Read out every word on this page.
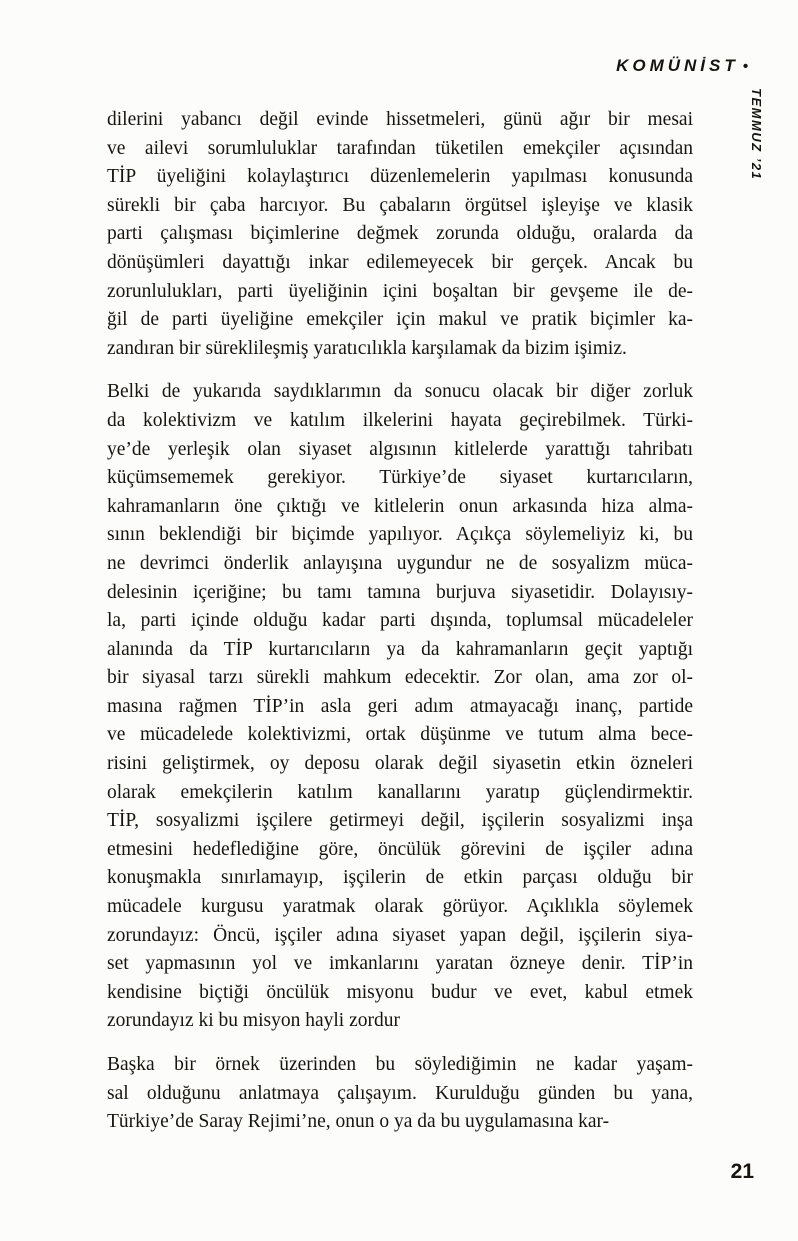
KOMÜNİST •
TEMMUZ ’21
dilerini yabancı değil evinde hissetmeleri, günü ağır bir mesai
ve ailevi sorumluluklar tarafından tüketilen emekçiler açısından
TİP üyeliğini kolaylaştırıcı düzenlemelerin yapılması konusunda
sürekli bir çaba harcıyor. Bu çabaların örgütsel işleyişe ve klasik
parti çalışması biçimlerine değmek zorunda olduğu, oralarda da
dönüşümleri dayattığı inkar edilemeyecek bir gerçek. Ancak bu
zorunlulukları, parti üyeliğinin içini boşaltan bir gevşeme ile de-
ğil de parti üyeliğine emekçiler için makul ve pratik biçimler ka-
zandıran bir süreklileşmiş yaratıcılıkla karşılamak da bizim işimiz.
Belki de yukarıda saydıklarımın da sonucu olacak bir diğer zorluk
da kolektivizm ve katılım ilkelerini hayata geçirebilmek. Türki-
ye’de yerleşik olan siyaset algısının kitlelerde yarattığı tahribatı
küçümsememek gerekiyor. Türkiye’de siyaset kurtarıcıların,
kahramanların öne çıktığı ve kitlelerin onun arkasında hiza alma-
sının beklendiği bir biçimde yapılıyor. Açıkça söylemeliyiz ki, bu
ne devrimci önderlik anlayışına uygundur ne de sosyalizm müca-
delesinin içeriğine; bu tamı tamına burjuva siyasetidir. Dolayısıy-
la, parti içinde olduğu kadar parti dışında, toplumsal mücadeleler
alanında da TİP kurtarıcıların ya da kahramanların geçit yaptığı
bir siyasal tarzı sürekli mahkum edecektir. Zor olan, ama zor ol-
masına rağmen TİP’in asla geri adım atmayacağı inanç, partide
ve mücadelede kolektivizmi, ortak düşünme ve tutum alma bece-
risini geliştirmek, oy deposu olarak değil siyasetin etkin özneleri
olarak emekçilerin katılım kanallarını yaratıp güçlendirmektir.
TİP, sosyalizmi işçilere getirmeyi değil, işçilerin sosyalizmi inşa
etmesini hedeflediğine göre, öncülük görevini de işçiler adına
konuşmakla sınırlamayıp, işçilerin de etkin parçası olduğu bir
mücadele kurgusu yaratmak olarak görüyor. Açıklıkla söylemek
zorundayız: Öncü, işçiler adına siyaset yapan değil, işçilerin siya-
set yapmasının yol ve imkanlarını yaratan özneye denir. TİP’in
kendisine biçtiği öncülük misyonu budur ve evet, kabul etmek
zorundayız ki bu misyon hayli zordur
Başka bir örnek üzerinden bu söylediğimin ne kadar yaşam-
sal olduğunu anlatmaya çalışayım. Kurulduğu günden bu yana,
Türkiye’de Saray Rejimi’ne, onun o ya da bu uygulamasına kar-
21
